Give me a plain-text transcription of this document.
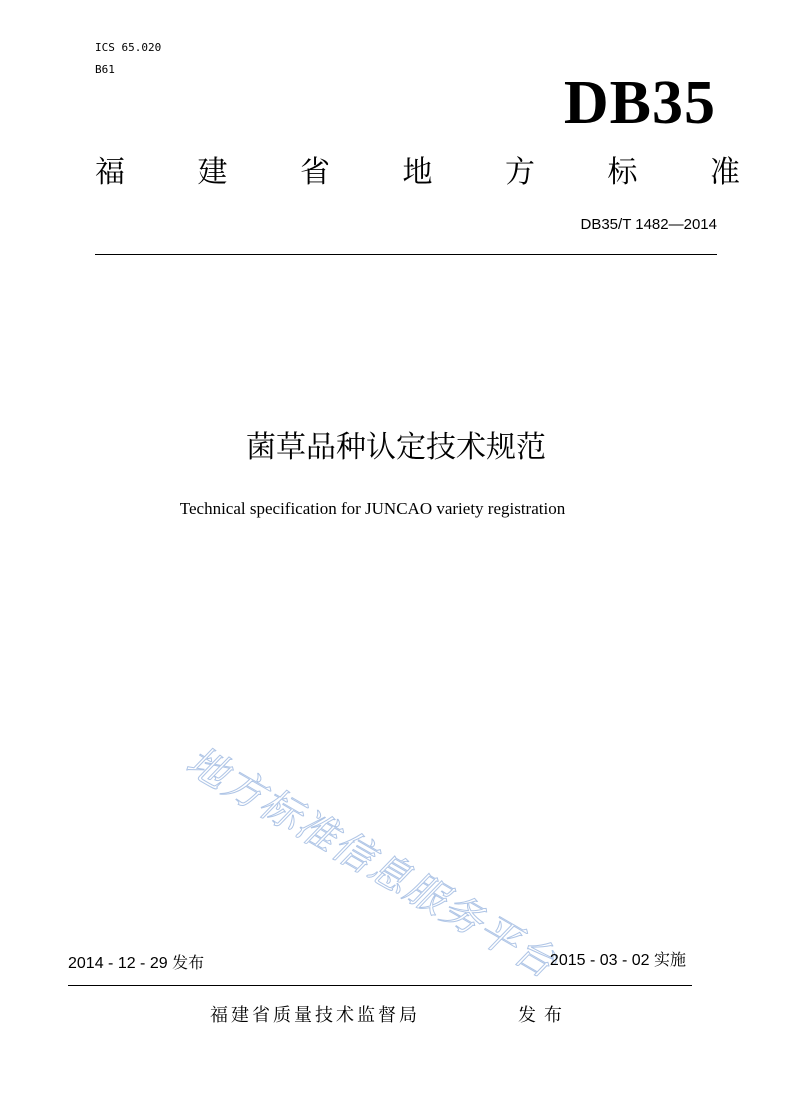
ICS 65.020
B61	DB35
福 建 省 地 方 标 准
DB35/T 1482—2014
菌草品种认定技术规范
Technical specification for JUNCAO variety registration
地方标准信息服务平台
2014 - 12 - 29 发布	2015 - 03 - 02 实施
福建省质量技术监督局	发布
